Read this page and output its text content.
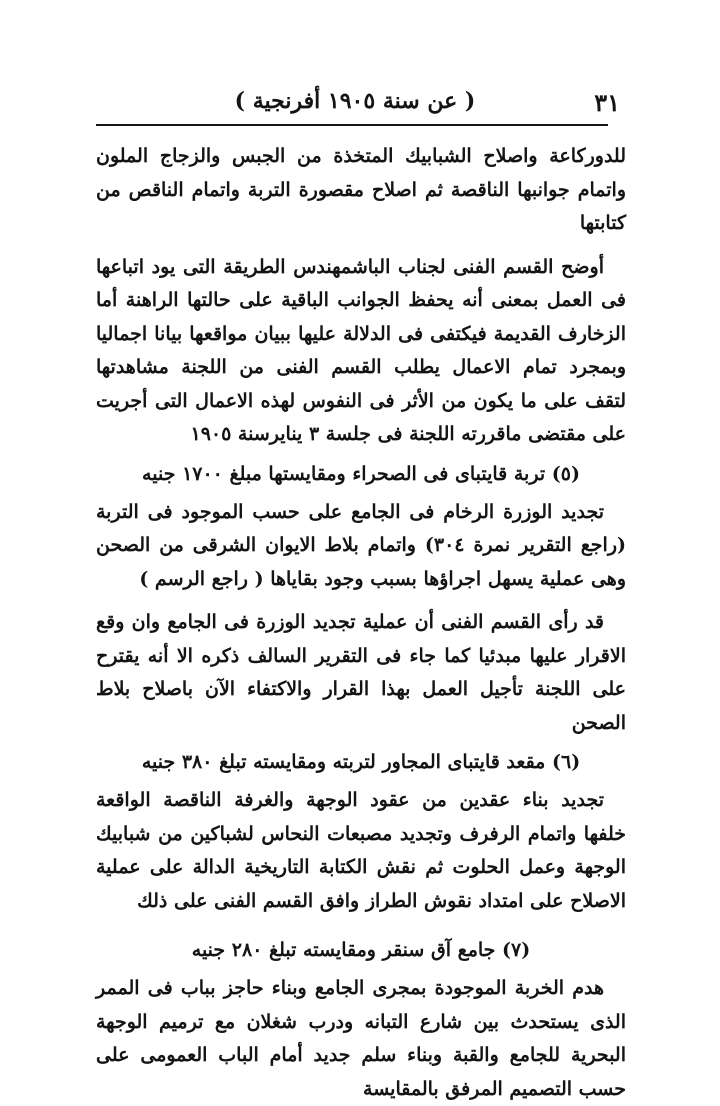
٣١
( عن سنة ١٩٠٥ أفرنجية )

للدوركاعة واصلاح الشبابيك المتخذة من الجبس والزجاج الملون واتمام جوانبها الناقصة ثم اصلاح مقصورة التربة واتمام الناقص من كتابتها

أوضح القسم الفنى لجناب الباشمهندس الطريقة التى يود اتباعها فى العمل بمعنى أنه يحفظ الجوانب الباقية على حالتها الراهنة أما الزخارف القديمة فيكتفى فى الدلالة عليها ببيان مواقعها بيانا اجماليا وبمجرد تمام الاعمال يطلب القسم الفنى من اللجنة مشاهدتها لتقف على ما يكون من الأثر فى النفوس لهذه الاعمال التى أجريت على مقتضى ماقررته اللجنة فى جلسة ٣ ينايرسنة ١٩٠٥

(٥) تربة قايتباى فى الصحراء ومقايستها مبلغ ١٧٠٠ جنيه

تجديد الوزرة الرخام فى الجامع على حسب الموجود فى التربة (راجع التقرير نمرة ٣٠٤) واتمام بلاط الايوان الشرقى من الصحن وهى عملية يسهل اجراؤها بسبب وجود بقاياها ( راجع الرسم )

قد رأى القسم الفنى أن عملية تجديد الوزرة فى الجامع وان وقع الاقرار عليها مبدئيا كما جاء فى التقرير السالف ذكره الا أنه يقترح على اللجنة تأجيل العمل بهذا القرار والاكتفاء الآن باصلاح بلاط الصحن

(٦) مقعد قايتباى المجاور لتربته ومقايسته تبلغ ٣٨٠ جنيه

تجديد بناء عقدين من عقود الوجهة والغرفة الناقصة الواقعة خلفها واتمام الرفرف وتجديد مصبعات النحاس لشباكين من شبابيك الوجهة وعمل الحلوت ثم نقش الكتابة التاريخية الدالة على عملية الاصلاح على امتداد نقوش الطراز وافق القسم الفنى على ذلك

(٧) جامع آق سنقر ومقايسته تبلغ ٢٨٠ جنيه

هدم الخربة الموجودة بمجرى الجامع وبناء حاجز بباب فى الممر الذى يستحدث بين شارع التبانه ودرب شغلان مع ترميم الوجهة البحرية للجامع والقبة وبناء سلم جديد أمام الباب العمومى على حسب التصميم المرفق بالمقايسة
